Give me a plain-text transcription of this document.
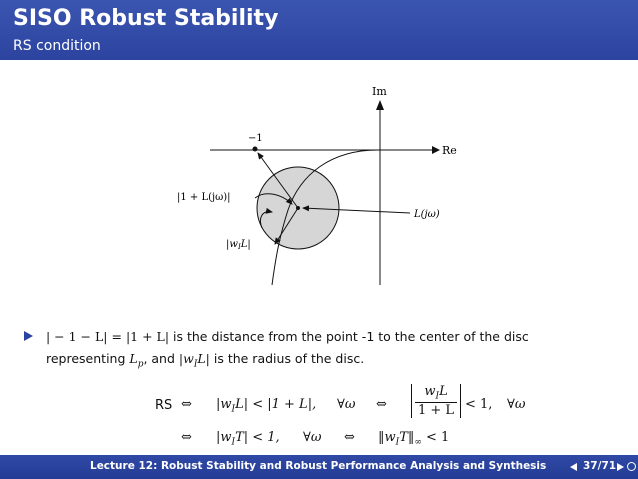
SISO Robust Stability
RS condition
Im
Re
−1
|1 + L(jω)|
$|w_IL|$
L(jω)
| − 1 − L| = |1 + L| is the distance from the point -1 to the center of the disc
representing $L_p$, and $|w_IL|$ is the radius of the disc.
RS ⇔ $|w_IL| < |1 + L|$, ∀ω ⇔ $\frac{w_IL}{1 + L} < 1$, ∀ω
⇔ $|w_IT| < 1$, ∀ω ⇔ $‖w_IT‖_\infty < 1$
Lecture 12: Robust Stability and Robust Performance Analysis and Synthesis	37/71
